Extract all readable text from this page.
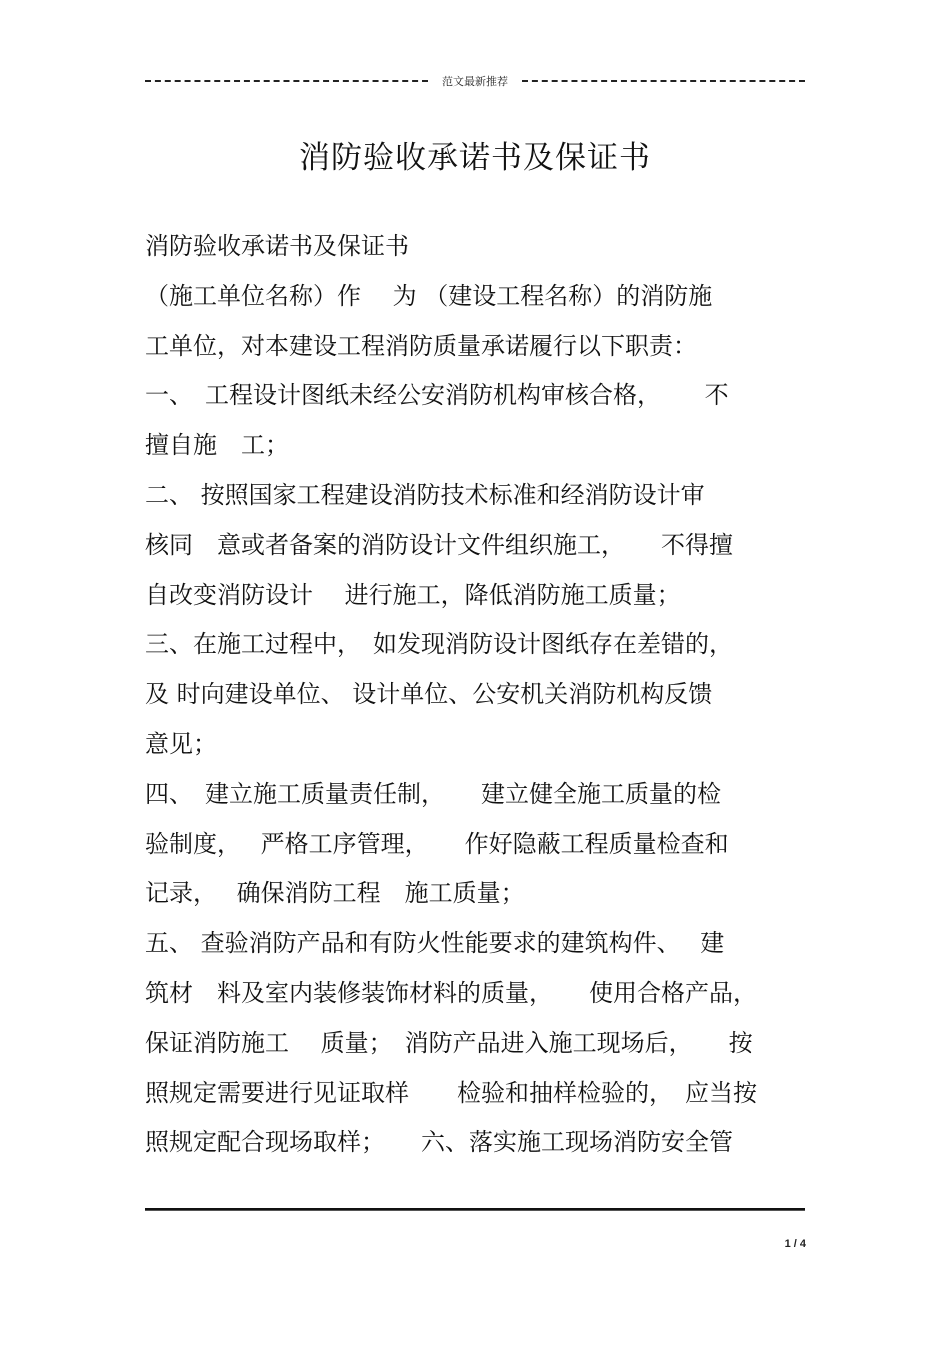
范文最新推荐
消防验收承诺书及保证书
消防验收承诺书及保证书
（施工单位名称）作　 为 （建设工程名称）的消防施
工单位，对本建设工程消防质量承诺履行以下职责：
一、　工程设计图纸未经公安消防机构审核合格，　　 不
擅自施　工；
二、 按照国家工程建设消防技术标准和经消防设计审
核同　意或者备案的消防设计文件组织施工，　　不得擅
自改变消防设计　 进行施工，降低消防施工质量；
三、在施工过程中，　如发现消防设计图纸存在差错的，
及 时向建设单位、 设计单位、公安机关消防机构反馈
意见；
四、　建立施工质量责任制，　　建立健全施工质量的检
验制度，　 严格工序管理，　　作好隐蔽工程质量检查和
记录，　 确保消防工程　施工质量；
五、 查验消防产品和有防火性能要求的建筑构件、　 建
筑材　料及室内装修装饰材料的质量，　　使用合格产品，
保证消防施工　 质量；　消防产品进入施工现场后，　　按
照规定需要进行见证取样　　检验和抽样检验的，　应当按
照规定配合现场取样；　　六、落实施工现场消防安全管
1 / 4
